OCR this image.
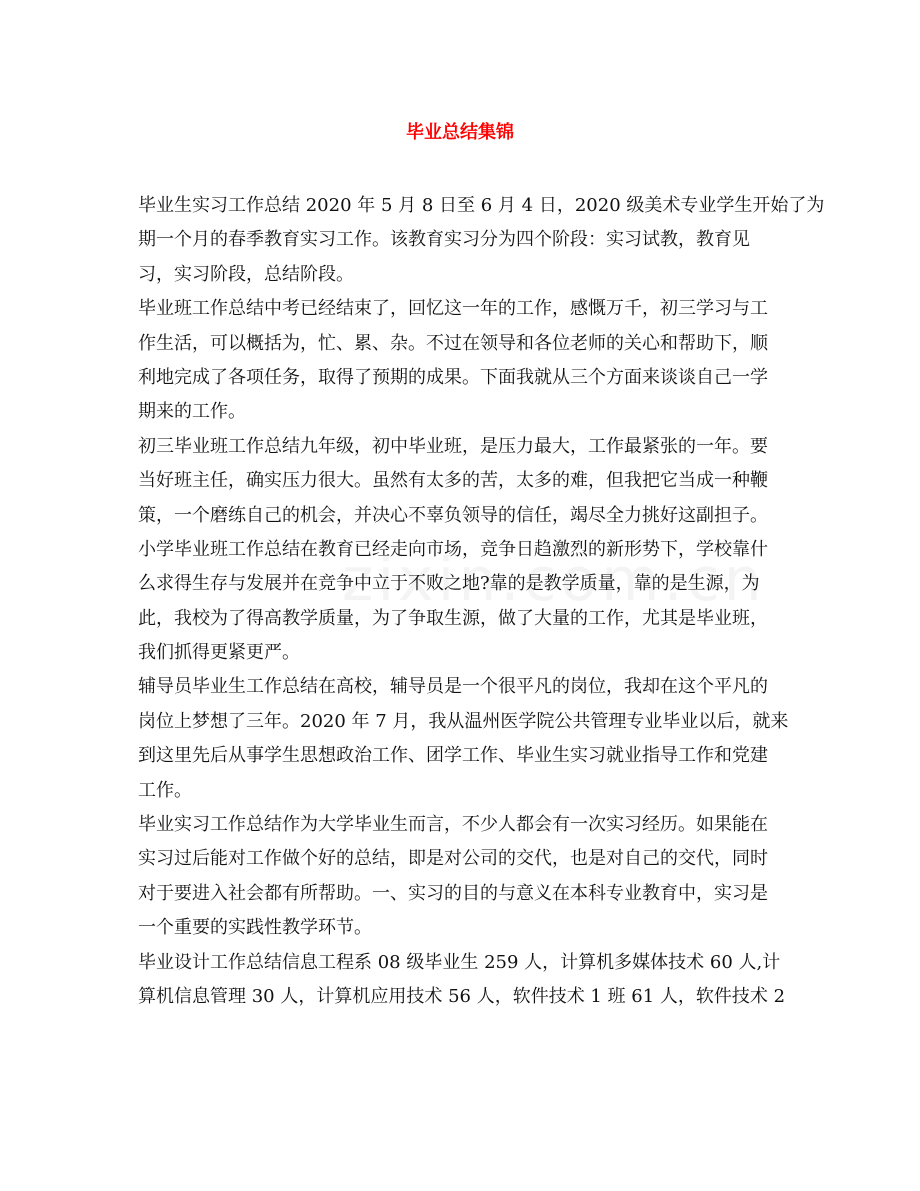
毕业总结集锦
毕业生实习工作总结 2020 年 5 月 8 日至 6 月 4 日，2020 级美术专业学生开始了为
期一个月的春季教育实习工作。该教育实习分为四个阶段：实习试教，教育见
习，实习阶段，总结阶段。
毕业班工作总结中考已经结束了，回忆这一年的工作，感慨万千，初三学习与工
作生活，可以概括为，忙、累、杂。不过在领导和各位老师的关心和帮助下，顺
利地完成了各项任务，取得了预期的成果。下面我就从三个方面来谈谈自己一学
期来的工作。
初三毕业班工作总结九年级，初中毕业班，是压力最大，工作最紧张的一年。要
当好班主任，确实压力很大。虽然有太多的苦，太多的难，但我把它当成一种鞭
策，一个磨练自己的机会，并决心不辜负领导的信任，竭尽全力挑好这副担子。
小学毕业班工作总结在教育已经走向市场，竞争日趋激烈的新形势下，学校靠什
么求得生存与发展并在竞争中立于不败之地?靠的是教学质量，靠的是生源，为
此，我校为了得高教学质量，为了争取生源，做了大量的工作，尤其是毕业班，
我们抓得更紧更严。
辅导员毕业生工作总结在高校，辅导员是一个很平凡的岗位，我却在这个平凡的
岗位上梦想了三年。2020 年 7 月，我从温州医学院公共管理专业毕业以后，就来
到这里先后从事学生思想政治工作、团学工作、毕业生实习就业指导工作和党建
工作。
毕业实习工作总结作为大学毕业生而言，不少人都会有一次实习经历。如果能在
实习过后能对工作做个好的总结，即是对公司的交代，也是对自己的交代，同时
对于要进入社会都有所帮助。一、实习的目的与意义在本科专业教育中，实习是
一个重要的实践性教学环节。
毕业设计工作总结信息工程系 08 级毕业生 259 人，计算机多媒体技术 60 人,计
算机信息管理 30 人，计算机应用技术 56 人，软件技术 1 班 61 人，软件技术 2
